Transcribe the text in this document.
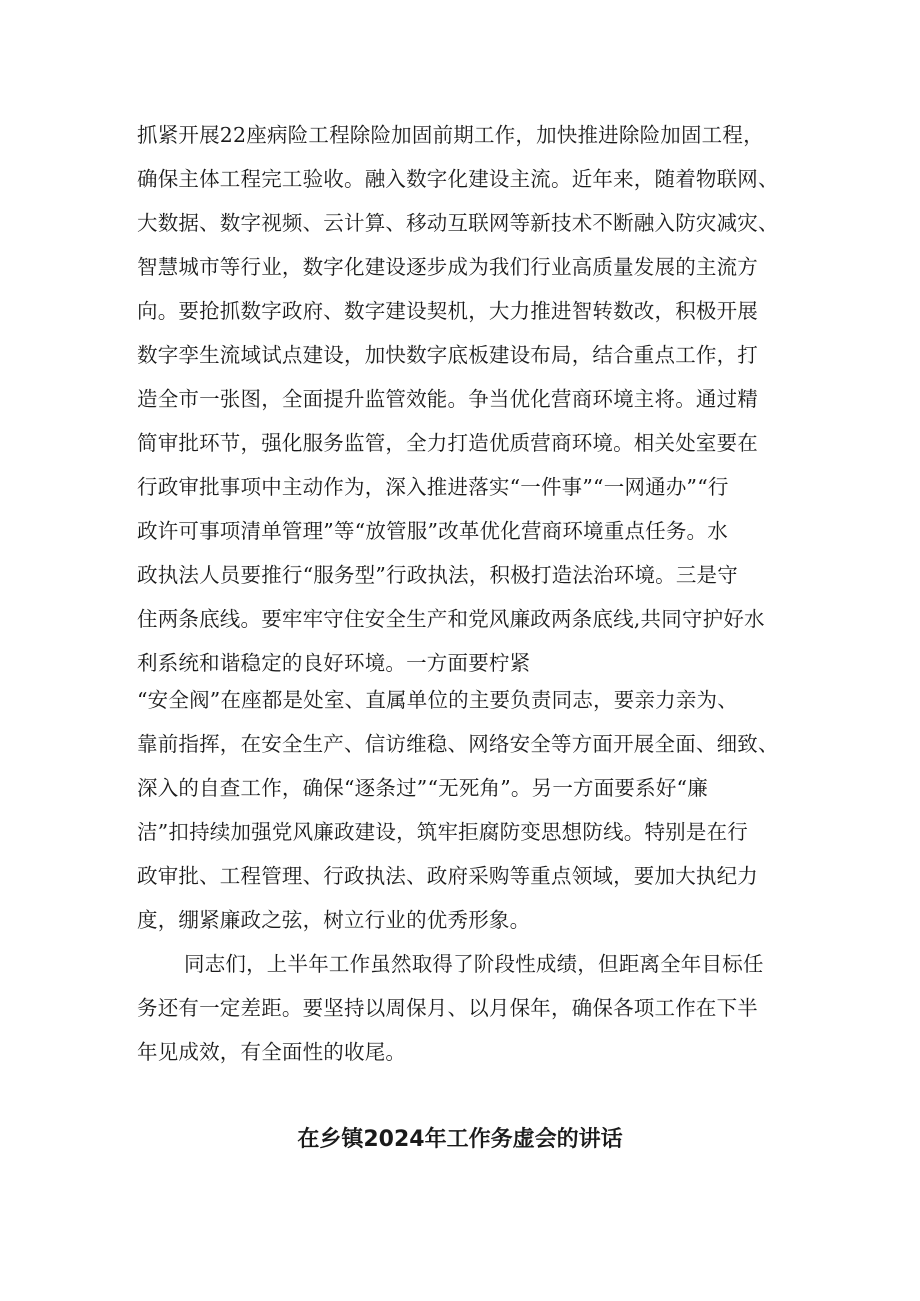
抓紧开展22座病险工程除险加固前期工作，加快推进除险加固工程，
确保主体工程完工验收。融入数字化建设主流。近年来，随着物联网、
大数据、数字视频、云计算、移动互联网等新技术不断融入防灾减灾、
智慧城市等行业，数字化建设逐步成为我们行业高质量发展的主流方
向。要抢抓数字政府、数字建设契机，大力推进智转数改，积极开展
数字孪生流域试点建设，加快数字底板建设布局，结合重点工作，打
造全市一张图，全面提升监管效能。争当优化营商环境主将。通过精
简审批环节，强化服务监管，全力打造优质营商环境。相关处室要在
行政审批事项中主动作为，深入推进落实“一件事”“一网通办”“行
政许可事项清单管理”等“放管服”改革优化营商环境重点任务。水
政执法人员要推行“服务型”行政执法，积极打造法治环境。三是守
住两条底线。要牢牢守住安全生产和党风廉政两条底线,共同守护好水
利系统和谐稳定的良好环境。一方面要柠紧
“安全阀”在座都是处室、直属单位的主要负责同志，要亲力亲为、
靠前指挥，在安全生产、信访维稳、网络安全等方面开展全面、细致、
深入的自查工作，确保“逐条过”“无死角”。另一方面要系好“廉
洁”扣持续加强党风廉政建设，筑牢拒腐防变思想防线。特别是在行
政审批、工程管理、行政执法、政府采购等重点领域，要加大执纪力
度，绷紧廉政之弦，树立行业的优秀形象。
同志们，上半年工作虽然取得了阶段性成绩，但距离全年目标任
务还有一定差距。要坚持以周保月、以月保年，确保各项工作在下半
年见成效，有全面性的收尾。
在乡镇2024年工作务虚会的讲话
